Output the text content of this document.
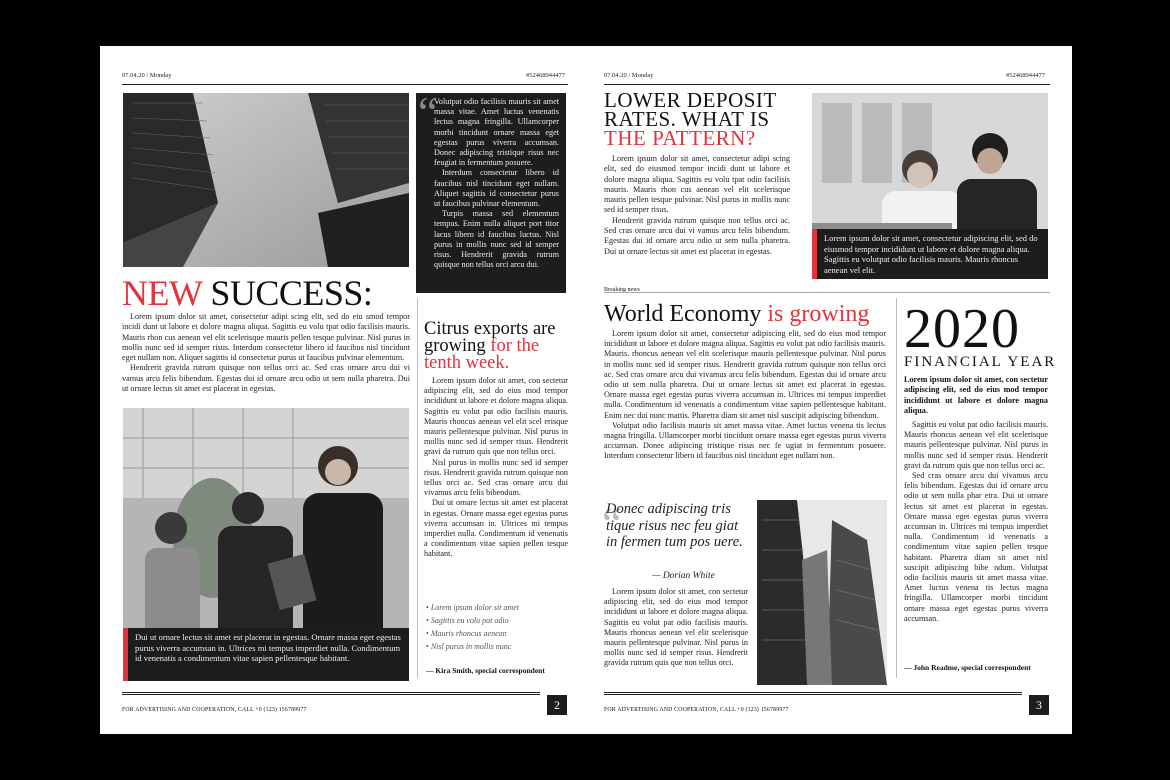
07.04.20 / Monday	#52468944477
“

Volutpat odio facilisis mauris sit amet massa vitae. Amet luctus venenatis lectus magna fringilla. Ullamcorper morbi tincidunt ornare massa eget egestas purus viverra accumsan. Donec adipiscing tristique risus nec feugiat in fermentum posuere.

Interdum consectetur libero id faucibus nisl tincidunt eget nullam. Aliquet sagittis id consectetur purus ut faucibus pulvinar elementum.

Turpis massa sed elementum tempus. Enim nulla aliquet port titor lacus libero id faucibus luctus. Nisl purus in mollis nunc sed id semper risus. Hendrerit gravida rutrum quisque non tellus orci arcu dui.

NEW SUCCESS:

Lorem ipsum dolor sit amet, consectetur adipi scing elit, sed do eiu smod tempor incidi dunt ut labore et dolore magna aliqua. Sagittis eu volu tpat odio facilisis mauris. Mauris rhon cus aenean vel elit scelerisque mauris pellen tesque pulvinar. Nisl purus in mollis nunc sed id semper risus. Interdum consectetur libero id faucibus nisl tincidunt eget nullam non. Aliquet sagittis id consectetur purus ut faucibus pulvinar elementum.

Hendrerit gravida rutrum quisque non tellus orci ac. Sed cras ornare arcu dui vi vamus arcu felis bibendum. Egestas dui id ornare arcu odio ut sem nulla pharetra. Dui ut ornare lectus sit amet est placerat in egestas.

Dui ut ornare lectus sit amet est placerat in egestas. Ornare massa eget egestas purus viverra accumsan in. Ultrices mi tempus imperdiet nulla. Condimentum id venenatis a condimentum vitae sapien pellentesque habitant.
Citrus exports are growing for the tenth week.

Lorem ipsum dolor sit amet, con sectetur adipiscing elit, sed do eius mod tempor incididunt ut labore et dolore magna aliqua. Sagittis eu volut pat odio facilisis mauris. Mauris rhoncus aenean vel elit scel erisque mauris pellentesque pulvinar. Nisl purus in mollis nunc sed id semper risus. Hendrerit gravi da rutrum quis que non tellus orci.

Nisl purus in mollis nunc sed id semper risus. Hendrerit gravida rutrum quisque non tellus orci ac. Sed cras ornare arcu dui vivamus arcu felis bibendum.

Dui ut ornare lectus sit amet est placerat in egestas. Ornare massa eget egestas purus viverra accumsan in. Ultrices mi tempus imperdiet nulla. Condimentum id venenatis a condimentum vitae sapien pellen tesque habitant.

• Lorem ipsum dolor sit amet
• Sagittis eu volu pat odio
• Mauris rhoncus aenean
• Nisl purus in mollis nunc
— Kira Smith, special correspondent
FOR ADVERTISING AND COOPERATION, CALL +0 (123) 156789977	2
07.04.20 / Monday	#52468944477
LOWER DEPOSIT RATES. WHAT IS THE PATTERN?

Lorem ipsum dolor sit amet, consectetur adipi scing elit, sed do eiusmod tempor incidi dunt ut labore et dolore magna aliqua. Sagittis eu volu tpat odio facilisis mauris. Mauris rhon cus aenean vel elit scelerisque mauris pellen tesque pulvinar. Nisl purus in mollis nunc sed id semper risus.

Hendrerit gravida rutrum quisque non tellus orci ac. Sed cras ornare arcu dui vi vamus arcu felis bibendum. Egestas dui id ornare arcu odio ut sem nulla pharetra. Dui ut ornare lectus sit amet est placerat in egestas.

Lorem ipsum dolor sit amet, consectetur adipiscing elit, sed do eiusmod tempor incididunt ut labore et dolore magna aliqua. Sagittis eu volutpat odio facilisis mauris. Mauris rhoncus aenean vel elit.
Breaking news
World Economy is growing

Lorem ipsum dolor sit amet, consectetur adipiscing elit, sed do eius mod tempor incididunt ut labore et dolore magna aliqua. Sagittis eu volut pat odio facilisis mauris. Mauris. rhoncus aenean vel elit scelerisque mauris pellentesque pulvinar. Nisl purus in mollis nunc sed id semper risus. Hendrerit gravida rutrum quisque non tellus orci ac. Sed cras ornare arcu dui vivamus arcu felis bibendum. Egestas dui id ornare arcu odio ut sem nulla pharetra. Dui ut ornare lectus sit amet est placerat in egestas. Ornare massa eget egestas purus viverra accumsan in. Ultrices mi tempus imperdiet nulla. Condimentum id venenatis a condimentum vitae sapien pellentesque habitant. Enim nec dui nunc mattis. Pharetra diam sit amet nisl suscipit adipiscing bibendum.

Volutpat odio facilisis mauris sit amet massa vitae. Amet luctus venena tis lectus magna fringilla. Ullamcorper morbi tincidunt ornare massa eget egestas purus viverra accumsan. Donec adipiscing tristique risus nec fe ugiat in fermentum posuere. Interdum consectetur libero id faucibus nisl tincidunt eget nullam non.

“
Donec adipiscing tris tique risus nec feu giat in fermen tum pos uere.
— Dorian White

Lorem ipsum dolor sit amet, con sectetur adipiscing elit, sed do eius mod tempor incididunt ut labore et dolore magna aliqua. Sagittis eu volut pat odio facilisis mauris. Mauris rhoncus aenean vel elit scelerisque mauris pellentesque pulvinar. Nisl purus in mollis nunc sed id semper risus. Hendrerit gravida rutrum quis que non tellus orci.

2020
FINANCIAL YEAR

Lorem ipsum dolor sit amet, con sectetur adipiscing elit, sed do eius mod tempor incididunt ut labore et dolore magna aliqua.

Sagittis eu volut pat odio facilisis mauris. Mauris rhoncus aenean vel elit scelerisque mauris pellentesque pulvinar. Nisl purus in mollis nunc sed id semper risus. Hendrerit gravi da rutrum quis que non tellus orci ac.

Sed cras ornare arcu dui vivamus arcu felis bibendum. Egestas dui id ornare arcu odio ut sem nulla phar etra. Dui ut ornare lectus sit amet est placerat in egestas. Ornare massa eget egestas purus viverra accumsan in. Ultrices mi tempus imperdiet nulla. Condimentum id venenatis a condimentum vitae sapien pellen tesque habitant. Pharetra diam sit amet nisl suscipit adipiscing bibe ndum. Volutpat odio facilisis mauris sit amet massa vitae. Amet luctus venena tis lectus magna fringilla. Ullamcorper morbi tincidunt ornare massa eget egestas purus viverra accumsan.

— John Readme, special correspondent
FOR ADVERTISING AND COOPERATION, CALL +0 (123) 156789977	3
